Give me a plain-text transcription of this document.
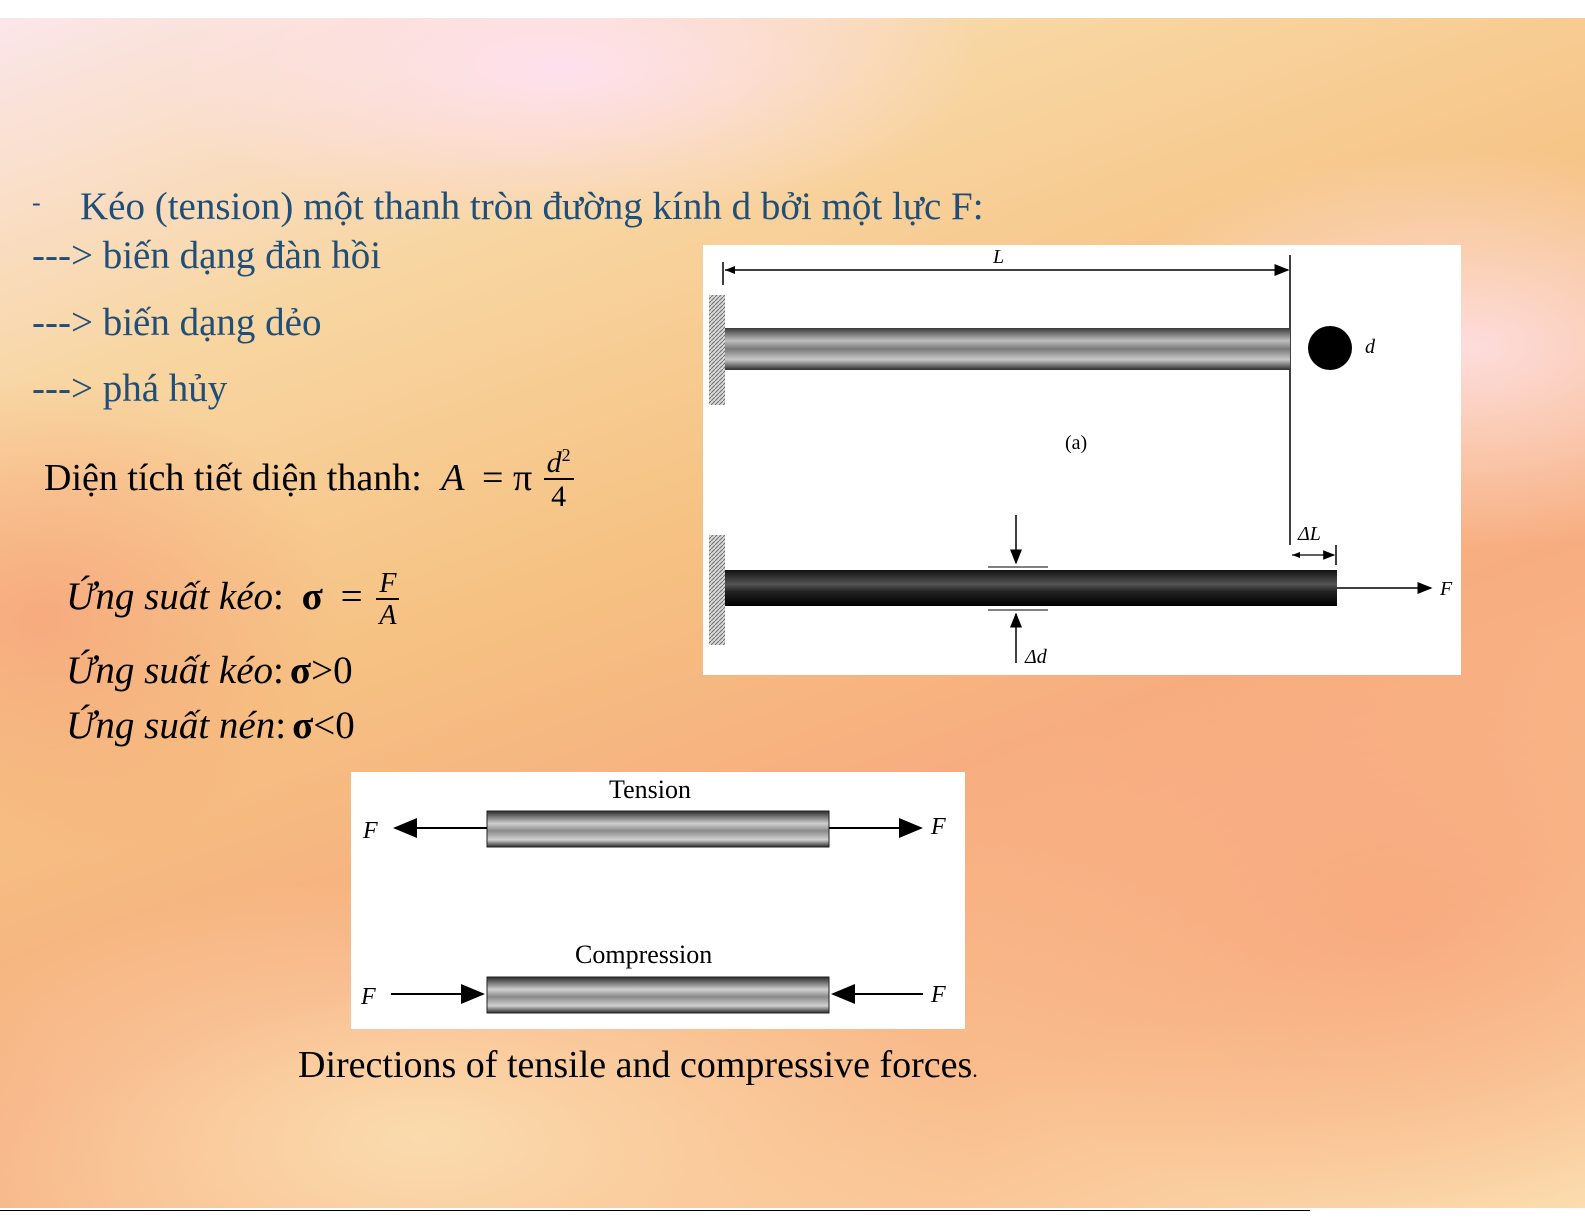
- Kéo (tension) một thanh tròn đường kính d bởi một lực F:
---> biến dạng đàn hồi
---> biến dạng dẻo
---> phá hủy
Diện tích tiết diện thanh: A = π $\frac{d^2}{4}$
Ứng suất kéo: $\sigma = \frac{F}{A}$
Ứng suất kéo: σ>0
Ứng suất nén: σ<0
L
d
(a)
ΔL
F
Δd
Tension
F	F
Compression
F	F
Directions of tensile and compressive forces.
